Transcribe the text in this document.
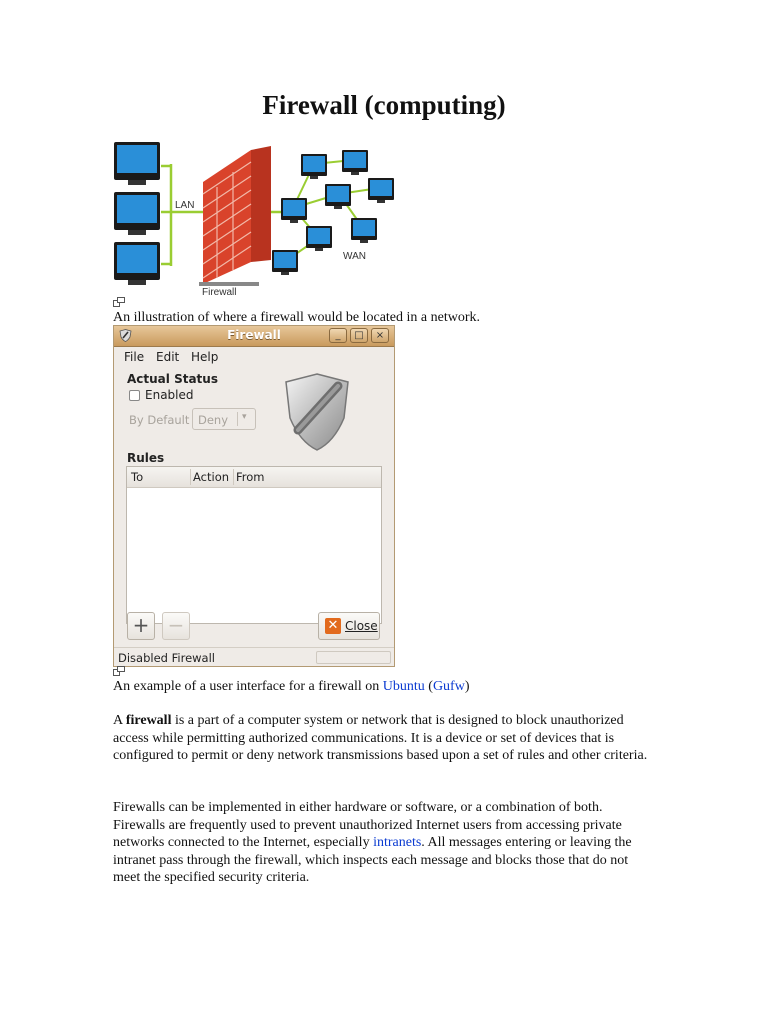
Firewall (computing)
LAN
Firewall
WAN

An illustration of where a firewall would be located in a network.

Firewall	_	□	×
File Edit Help
Actual Status
Enabled
By Default Deny ▾
Rules
To	Action From
+ −	✕ Close
Disabled Firewall

An example of a user interface for a firewall on Ubuntu (Gufw)

A firewall is a part of a computer system or network that is designed to block unauthorized access while permitting authorized communications. It is a device or set of devices that is configured to permit or deny network transmissions based upon a set of rules and other criteria.

Firewalls can be implemented in either hardware or software, or a combination of both. Firewalls are frequently used to prevent unauthorized Internet users from accessing private networks connected to the Internet, especially intranets. All messages entering or leaving the intranet pass through the firewall, which inspects each message and blocks those that do not meet the specified security criteria.
